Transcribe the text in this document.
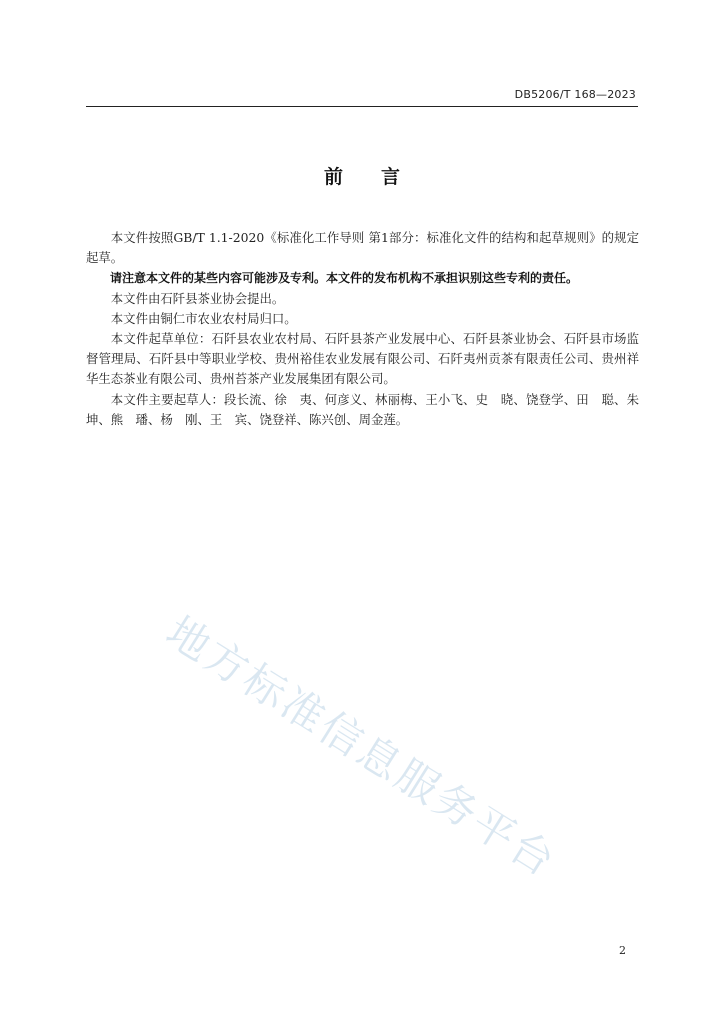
DB5206/T 168—2023
前言

本文件按照GB/T 1.1-2020《标准化工作导则 第1部分：标准化文件的结构和起草规则》的规定起草。

请注意本文件的某些内容可能涉及专利。本文件的发布机构不承担识别这些专利的责任。

本文件由石阡县茶业协会提出。

本文件由铜仁市农业农村局归口。

本文件起草单位：石阡县农业农村局、石阡县茶产业发展中心、石阡县茶业协会、石阡县市场监督管理局、石阡县中等职业学校、贵州裕佳农业发展有限公司、石阡夷州贡茶有限责任公司、贵州祥华生态茶业有限公司、贵州苔茶产业发展集团有限公司。

本文件主要起草人：段长流、徐　夷、何彦义、林丽梅、王小飞、史　晓、饶登学、田　聪、朱　坤、熊　璠、杨　刚、王　宾、饶登祥、陈兴创、周金莲。

地方标准信息服务平台
2
